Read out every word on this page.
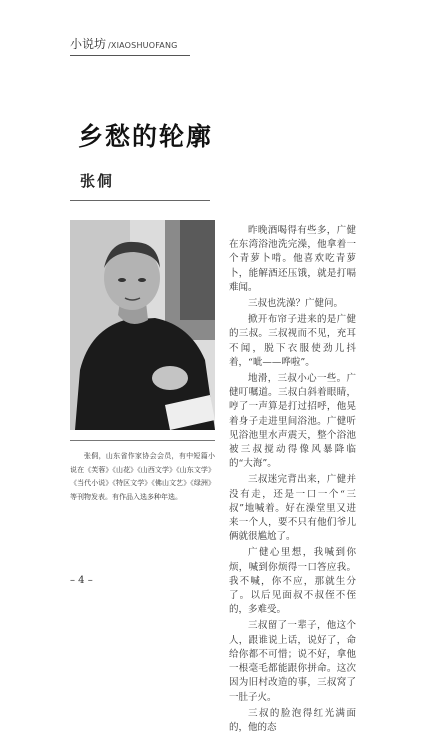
小说坊 /XIAOSHUOFANG
乡愁的轮廓
张侗

张侗，山东省作家协会会员，有中短篇小说在《芙蓉》《山花》《山西文学》《山东文学》《当代小说》《特区文学》《佛山文艺》《绿洲》等刊物发表。有作品入选多种年选。

昨晚酒喝得有些多，广健在东湾浴池洗完澡，他拿着一个青萝卜啃。他喜欢吃青萝卜，能解酒还压饿，就是打嗝难闻。

三叔也洗澡？广健问。

掀开布帘子进来的是广健的三叔。三叔视而不见，充耳不闻，脱下衣服使劲儿抖着，“呲——哗啦”。

地滑，三叔小心一些。广健叮嘱道。三叔白斜着眼睛，哼了一声算是打过招呼，他晃着身子走进里间浴池。广健听见浴池里水声震天，整个浴池被三叔搅动得像风暴降临的“大海”。

三叔迷完背出来，广健并没有走，还是一口一个“三叔”地喊着。好在澡堂里又进来一个人，要不只有他们爷儿俩就很尴尬了。

广健心里想，我喊到你烦，喊到你烦得一口答应我。我不喊，你不应，那就生分了。以后见面叔不叔侄不侄的，多难受。

三叔留了一辈子，他这个人，跟谁说上话，说好了，命给你都不可惜；说不好，拿他一根毫毛都能跟你拼命。这次因为旧村改造的事，三叔窝了一肚子火。

三叔的脸泡得红光满面的，他的态

– 4 –
